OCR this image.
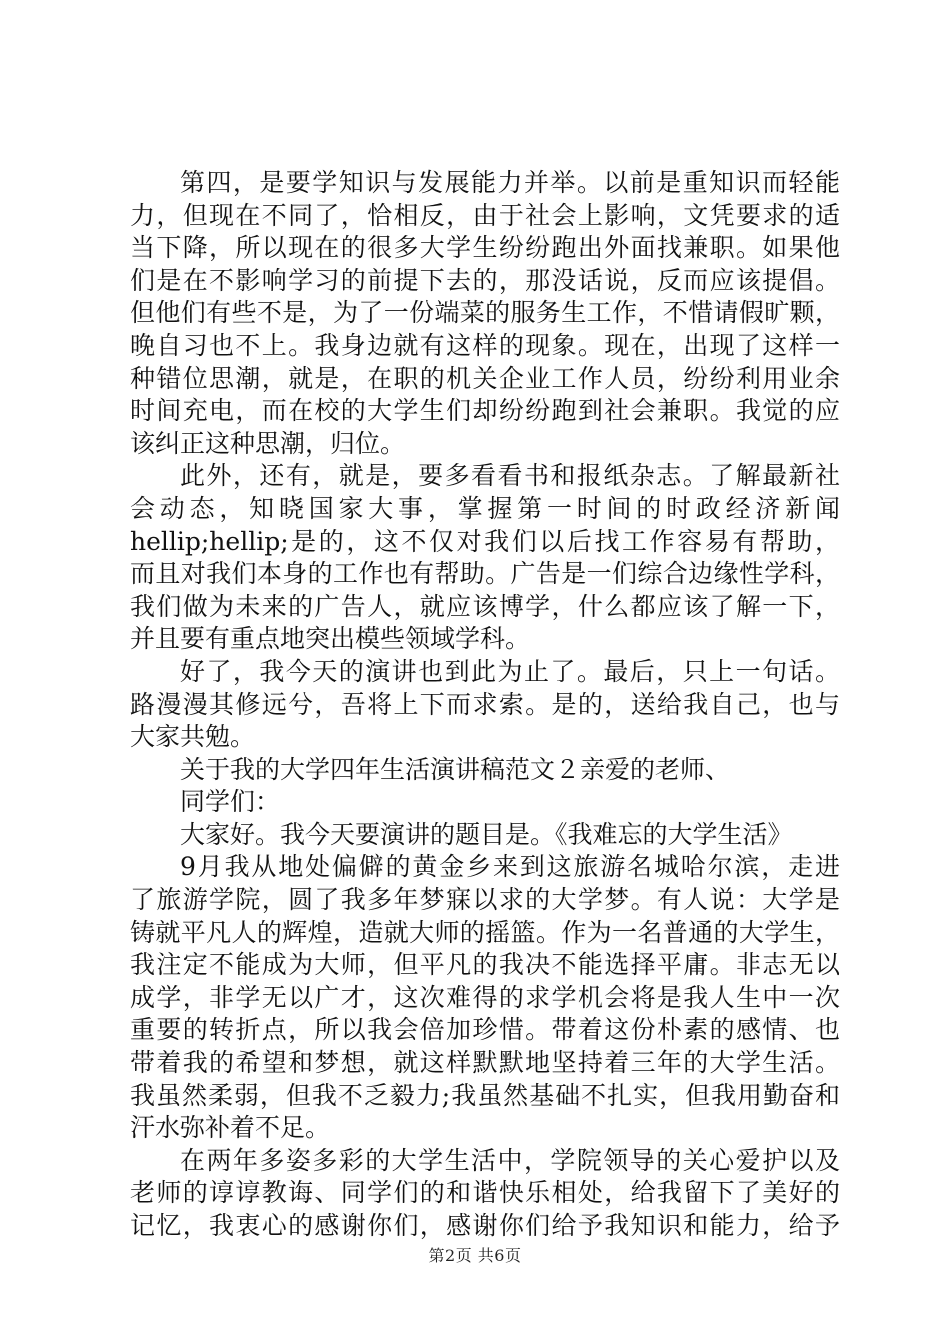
第四，是要学知识与发展能力并举。以前是重知识而轻能
力，但现在不同了，恰相反，由于社会上影响，文凭要求的适
当下降，所以现在的很多大学生纷纷跑出外面找兼职。如果他
们是在不影响学习的前提下去的，那没话说，反而应该提倡。
但他们有些不是，为了一份端菜的服务生工作，不惜请假旷颗，
晚自习也不上。我身边就有这样的现象。现在，出现了这样一
种错位思潮，就是，在职的机关企业工作人员，纷纷利用业余
时间充电，而在校的大学生们却纷纷跑到社会兼职。我觉的应
该纠正这种思潮，归位。
此外，还有，就是，要多看看书和报纸杂志。了解最新社
会动态，知晓国家大事，掌握第一时间的时政经济新闻
hellip;hellip;是的，这不仅对我们以后找工作容易有帮助，
而且对我们本身的工作也有帮助。广告是一们综合边缘性学科，
我们做为未来的广告人，就应该博学，什么都应该了解一下，
并且要有重点地突出模些领域学科。
好了，我今天的演讲也到此为止了。最后，只上一句话。
路漫漫其修远兮，吾将上下而求索。是的，送给我自己，也与
大家共勉。
关于我的大学四年生活演讲稿范文２亲爱的老师、
同学们：
大家好。我今天要演讲的题目是。《我难忘的大学生活》
9月我从地处偏僻的黄金乡来到这旅游名城哈尔滨，走进
了旅游学院，圆了我多年梦寐以求的大学梦。有人说：大学是
铸就平凡人的辉煌，造就大师的摇篮。作为一名普通的大学生，
我注定不能成为大师，但平凡的我决不能选择平庸。非志无以
成学，非学无以广才，这次难得的求学机会将是我人生中一次
重要的转折点，所以我会倍加珍惜。带着这份朴素的感情、也
带着我的希望和梦想，就这样默默地坚持着三年的大学生活。
我虽然柔弱，但我不乏毅力;我虽然基础不扎实，但我用勤奋和
汗水弥补着不足。
在两年多姿多彩的大学生活中，学院领导的关心爱护以及
老师的谆谆教诲、同学们的和谐快乐相处，给我留下了美好的
记忆，我衷心的感谢你们，感谢你们给予我知识和能力，给予
第2页 共6页
